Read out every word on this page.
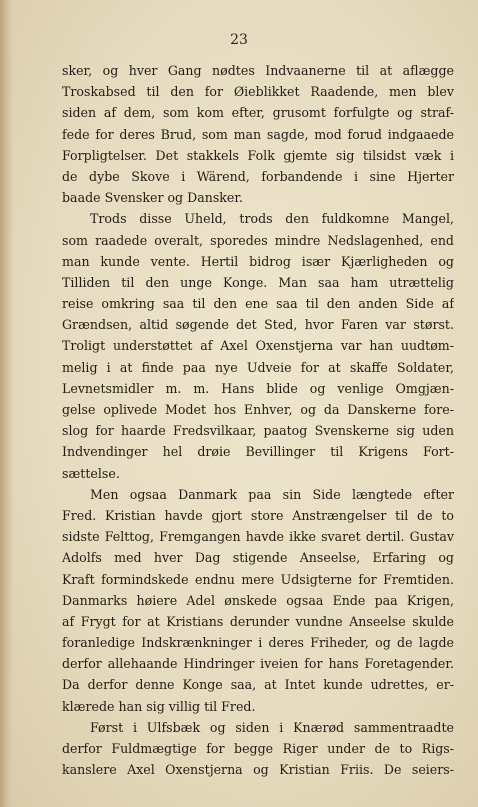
23
sker, og hver Gang nødtes Indvaanerne til at aflægge
Troskabsed til den for Øieblikket Raadende, men blev
siden af dem, som kom efter, grusomt forfulgte og straf-
fede for deres Brud, som man sagde, mod forud indgaaede
Forpligtelser. Det stakkels Folk gjemte sig tilsidst væk i
de dybe Skove i Wärend, forbandende i sine Hjerter
baade Svensker og Dansker.
Trods disse Uheld, trods den fuldkomne Mangel,
som raadede overalt, sporedes mindre Nedslagenhed, end
man kunde vente. Hertil bidrog især Kjærligheden og
Tilliden til den unge Konge. Man saa ham utrættelig
reise omkring saa til den ene saa til den anden Side af
Grændsen, altid søgende det Sted, hvor Faren var størst.
Troligt understøttet af Axel Oxenstjerna var han uudtøm-
melig i at finde paa nye Udveie for at skaffe Soldater,
Levnetsmidler m. m. Hans blide og venlige Omgjæn-
gelse oplivede Modet hos Enhver, og da Danskerne fore-
slog for haarde Fredsvilkaar, paatog Svenskerne sig uden
Indvendinger hel drøie Bevillinger til Krigens Fort-
sættelse.
Men ogsaa Danmark paa sin Side længtede efter
Fred. Kristian havde gjort store Anstrængelser til de to
sidste Felttog, Fremgangen havde ikke svaret dertil. Gustav
Adolfs med hver Dag stigende Anseelse, Erfaring og
Kraft formindskede endnu mere Udsigterne for Fremtiden.
Danmarks høiere Adel ønskede ogsaa Ende paa Krigen,
af Frygt for at Kristians derunder vundne Anseelse skulde
foranledige Indskrænkninger i deres Friheder, og de lagde
derfor allehaande Hindringer iveien for hans Foretagender.
Da derfor denne Konge saa, at Intet kunde udrettes, er-
klærede han sig villig til Fred.
Først i Ulfsbæk og siden i Knærød sammentraadte
derfor Fuldmægtige for begge Riger under de to Rigs-
kanslere Axel Oxenstjerna og Kristian Friis. De seiers-
